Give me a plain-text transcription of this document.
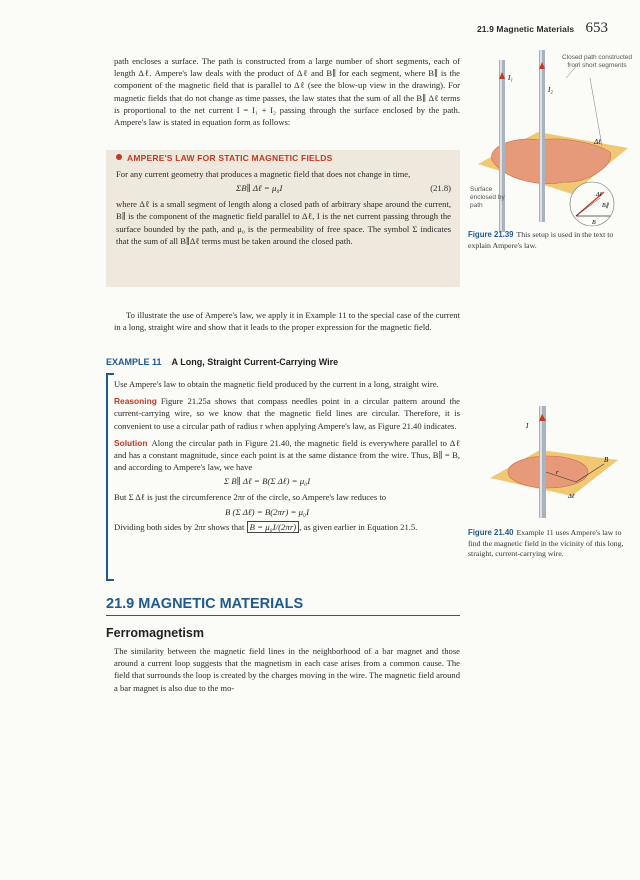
21.9 Magnetic Materials 653

path encloses a surface. The path is constructed from a large number of short segments, each of length Δℓ. Ampere's law deals with the product of Δℓ and B∥ for each segment, where B∥ is the component of the magnetic field that is parallel to Δℓ (see the blow-up view in the drawing). For magnetic fields that do not change as time passes, the law states that the sum of all the B∥ Δℓ terms is proportional to the net current I = I₁ + I₂ passing through the surface enclosed by the path. Ampere's law is stated in equation form as follows:

AMPERE'S LAW FOR STATIC MAGNETIC FIELDS

For any current geometry that produces a magnetic field that does not change in time,

ΣB∥ Δℓ = μ₀I	(21.8)

where Δℓ is a small segment of length along a closed path of arbitrary shape around the current, B∥ is the component of the magnetic field parallel to Δℓ, I is the net current passing through the surface bounded by the path, and μ₀ is the permeability of free space. The symbol Σ indicates that the sum of all B∥Δℓ terms must be taken around the closed path.

To illustrate the use of Ampere's law, we apply it in Example 11 to the special case of the current in a long, straight wire and show that it leads to the proper expression for the magnetic field.

EXAMPLE 11 A Long, Straight Current-Carrying Wire

Use Ampere's law to obtain the magnetic field produced by the current in a long, straight wire.

Reasoning Figure 21.25a shows that compass needles point in a circular pattern around the current-carrying wire, so we know that the magnetic field lines are circular. Therefore, it is convenient to use a circular path of radius r when applying Ampere's law, as Figure 21.40 indicates.

Solution Along the circular path in Figure 21.40, the magnetic field is everywhere parallel to Δℓ and has a constant magnitude, since each point is at the same distance from the wire. Thus, B∥ = B, and according to Ampere's law, we have

Σ B∥ Δℓ = B(Σ Δℓ) = μ₀I

But Σ Δℓ is just the circumference 2πr of the circle, so Ampere's law reduces to

B (Σ Δℓ) = B(2πr) = μ₀I

Dividing both sides by 2πr shows that B = μ₀I/(2πr) , as given earlier in Equation 21.5.

21.9 MAGNETIC MATERIALS
Ferromagnetism

The similarity between the magnetic field lines in the neighborhood of a bar magnet and those around a current loop suggests that the magnetism in each case arises from a common cause. The field that surrounds the loop is created by the charges moving in the wire. The magnetic field around a bar magnet is also due to the mo-

I₁
I₂
Δℓ
Δℓ
B∥
B
Closed path constructed from short segments
Surface enclosed by path
Figure 21.39 This setup is used in the text to explain Ampere's law.
I
r
B
Δℓ
Figure 21.40 Example 11 uses Ampere's law to find the magnetic field in the vicinity of this long, straight, current-carrying wire.
